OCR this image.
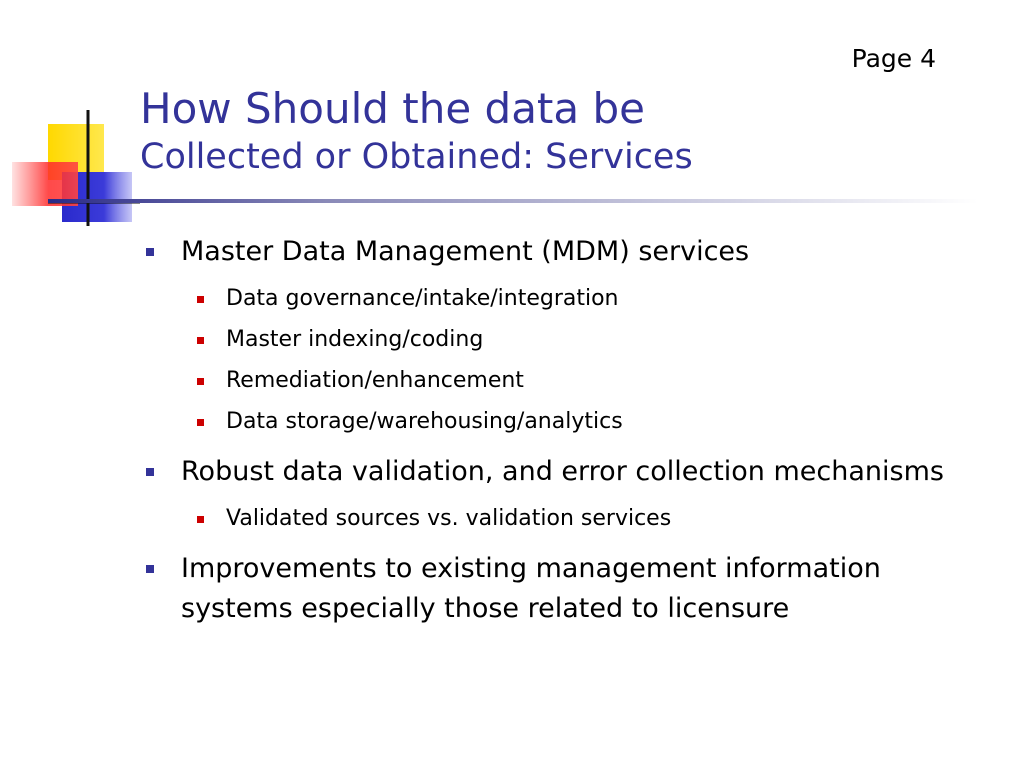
Page 4
How Should the data be
Collected or Obtained: Services
Master Data Management (MDM) services
Data governance/intake/integration
Master indexing/coding
Remediation/enhancement
Data storage/warehousing/analytics
Robust data validation, and error collection mechanisms
Validated sources vs. validation services
Improvements to existing management information systems especially those related to licensure
